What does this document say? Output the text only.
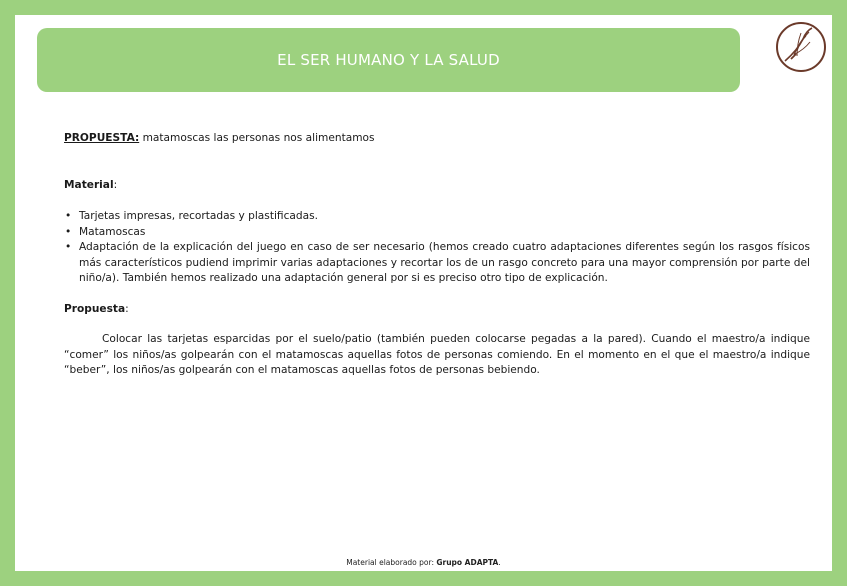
EL SER HUMANO Y LA SALUD

PROPUESTA: matamoscas las personas nos alimentamos

Material:

• Tarjetas impresas, recortadas y plastificadas.
• Matamoscas
• Adaptación de la explicación del juego en caso de ser necesario (hemos creado cuatro adaptaciones diferentes según los rasgos físicos más característicos pudiend imprimir varias adaptaciones y recortar los de un rasgo concreto para una mayor comprensión por parte del niño/a). También hemos realizado una adaptación general por si es preciso otro tipo de explicación.

Propuesta:

Colocar las tarjetas esparcidas por el suelo/patio (también pueden colocarse pegadas a la pared). Cuando el maestro/a indique “comer” los niños/as golpearán con el matamoscas aquellas fotos de personas comiendo. En el momento en el que el maestro/a indique “beber”, los niños/as golpearán con el matamoscas aquellas fotos de personas bebiendo.

Material elaborado por: Grupo ADAPTA.
